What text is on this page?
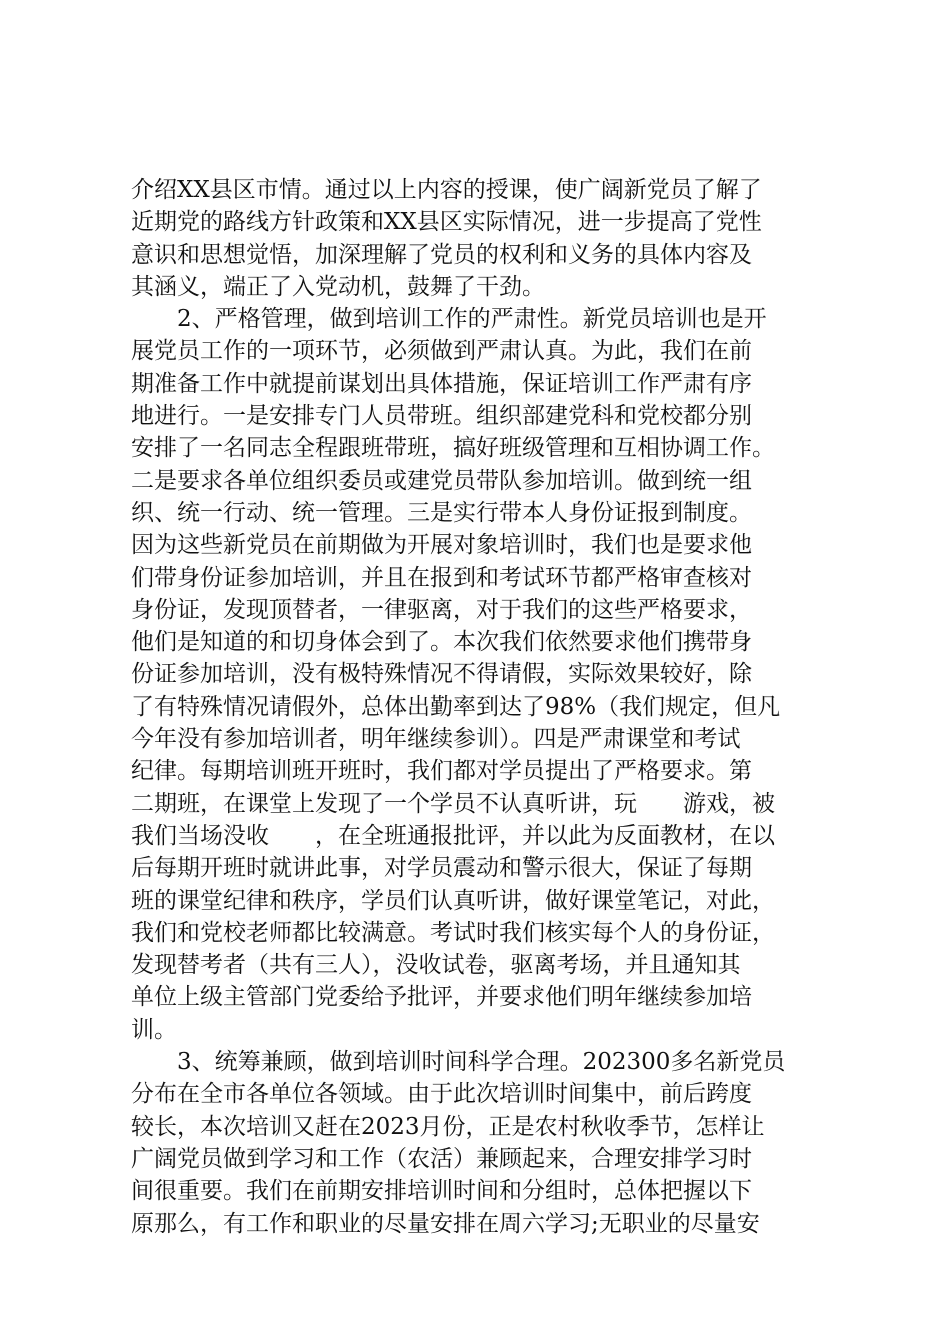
介绍XX县区市情。通过以上内容的授课，使广阔新党员了解了
近期党的路线方针政策和XX县区实际情况，进一步提高了党性
意识和思想觉悟，加深理解了党员的权利和义务的具体内容及
其涵义，端正了入党动机，鼓舞了干劲。
2、严格管理，做到培训工作的严肃性。新党员培训也是开
展党员工作的一项环节，必须做到严肃认真。为此，我们在前
期准备工作中就提前谋划出具体措施，保证培训工作严肃有序
地进行。一是安排专门人员带班。组织部建党科和党校都分别
安排了一名同志全程跟班带班，搞好班级管理和互相协调工作。
二是要求各单位组织委员或建党员带队参加培训。做到统一组
织、统一行动、统一管理。三是实行带本人身份证报到制度。
因为这些新党员在前期做为开展对象培训时，我们也是要求他
们带身份证参加培训，并且在报到和考试环节都严格审查核对
身份证，发现顶替者，一律驱离，对于我们的这些严格要求，
他们是知道的和切身体会到了。本次我们依然要求他们携带身
份证参加培训，没有极特殊情况不得请假，实际效果较好，除
了有特殊情况请假外，总体出勤率到达了98%（我们规定，但凡
今年没有参加培训者，明年继续参训）。四是严肃课堂和考试
纪律。每期培训班开班时，我们都对学员提出了严格要求。第
二期班，在课堂上发现了一个学员不认真听讲，玩　　游戏，被
我们当场没收　　，在全班通报批评，并以此为反面教材，在以
后每期开班时就讲此事，对学员震动和警示很大，保证了每期
班的课堂纪律和秩序，学员们认真听讲，做好课堂笔记，对此，
我们和党校老师都比较满意。考试时我们核实每个人的身份证，
发现替考者（共有三人），没收试卷，驱离考场，并且通知其
单位上级主管部门党委给予批评，并要求他们明年继续参加培
训。
3、统筹兼顾，做到培训时间科学合理。202300多名新党员
分布在全市各单位各领域。由于此次培训时间集中，前后跨度
较长，本次培训又赶在2023月份，正是农村秋收季节，怎样让
广阔党员做到学习和工作（农活）兼顾起来，合理安排学习时
间很重要。我们在前期安排培训时间和分组时，总体把握以下
原那么，有工作和职业的尽量安排在周六学习;无职业的尽量安
